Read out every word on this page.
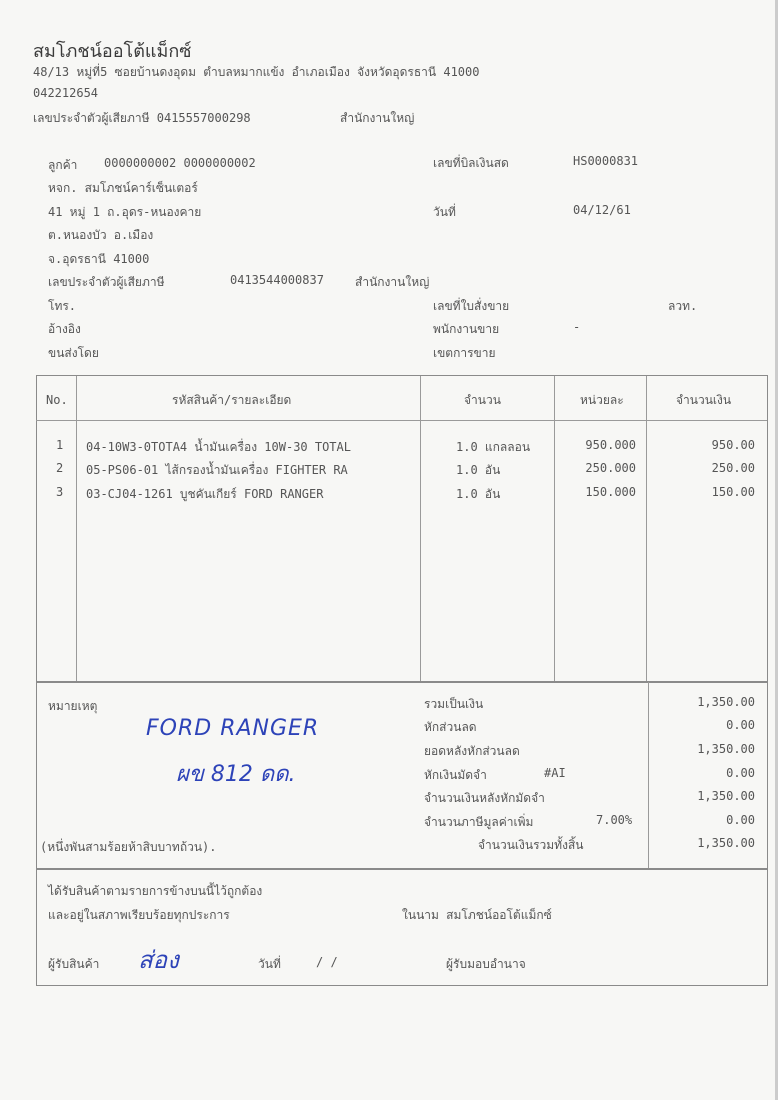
สมโภชน์ออโต้แม็กซ์
48/13 หมู่ที่5 ซอยบ้านดงอุดม ตำบลหมากแข้ง อำเภอเมือง จังหวัดอุดรธานี 41000
042212654
เลขประจำตัวผู้เสียภาษี 0415557000298	สำนักงานใหญ่
ลูกค้า 0000000002 0000000002
หจก. สมโภชน์คาร์เซ็นเตอร์
41 หมู่ 1 ถ.อุดร-หนองคาย
ต.หนองบัว อ.เมือง
จ.อุดรธานี 41000
เลขประจำตัวผู้เสียภาษี	0413544000837	สำนักงานใหญ่
โทร.
อ้างอิง
ขนส่งโดย
เลขที่บิลเงินสด	HS0000831
วันที่	04/12/61
เลขที่ใบสั่งขาย	ลวท.
พนักงานขาย	-
เขตการขาย
No.	รหัสสินค้า/รายละเอียด	จำนวน	หน่วยละ	จำนวนเงิน
1 04-10W3-0TOTA4 น้ำมันเครื่อง 10W-30 TOTAL	1.0 แกลลอน	950.000	950.00
2 05-PS06-01 ไส้กรองน้ำมันเครื่อง FIGHTER RA	1.0 อัน	250.000	250.00
3 03-CJ04-1261 บูชคันเกียร์ FORD RANGER	1.0 อัน	150.000	150.00
หมายเหตุ
FORD RANGER
ผข 812 ดด.
(หนึ่งพันสามร้อยห้าสิบบาทถ้วน).
รวมเป็นเงิน	1,350.00
หักส่วนลด	0.00
ยอดหลังหักส่วนลด	1,350.00
หักเงินมัดจำ	#AI	0.00
จำนวนเงินหลังหักมัดจำ	1,350.00
จำนวนภาษีมูลค่าเพิ่ม	7.00%	0.00
จำนวนเงินรวมทั้งสิ้น	1,350.00
ได้รับสินค้าตามรายการข้างบนนี้ไว้ถูกต้อง
และอยู่ในสภาพเรียบร้อยทุกประการ	ในนาม สมโภชน์ออโต้แม็กซ์
ผู้รับสินค้า ส่อง	วันที่	/ /	ผู้รับมอบอำนาจ
